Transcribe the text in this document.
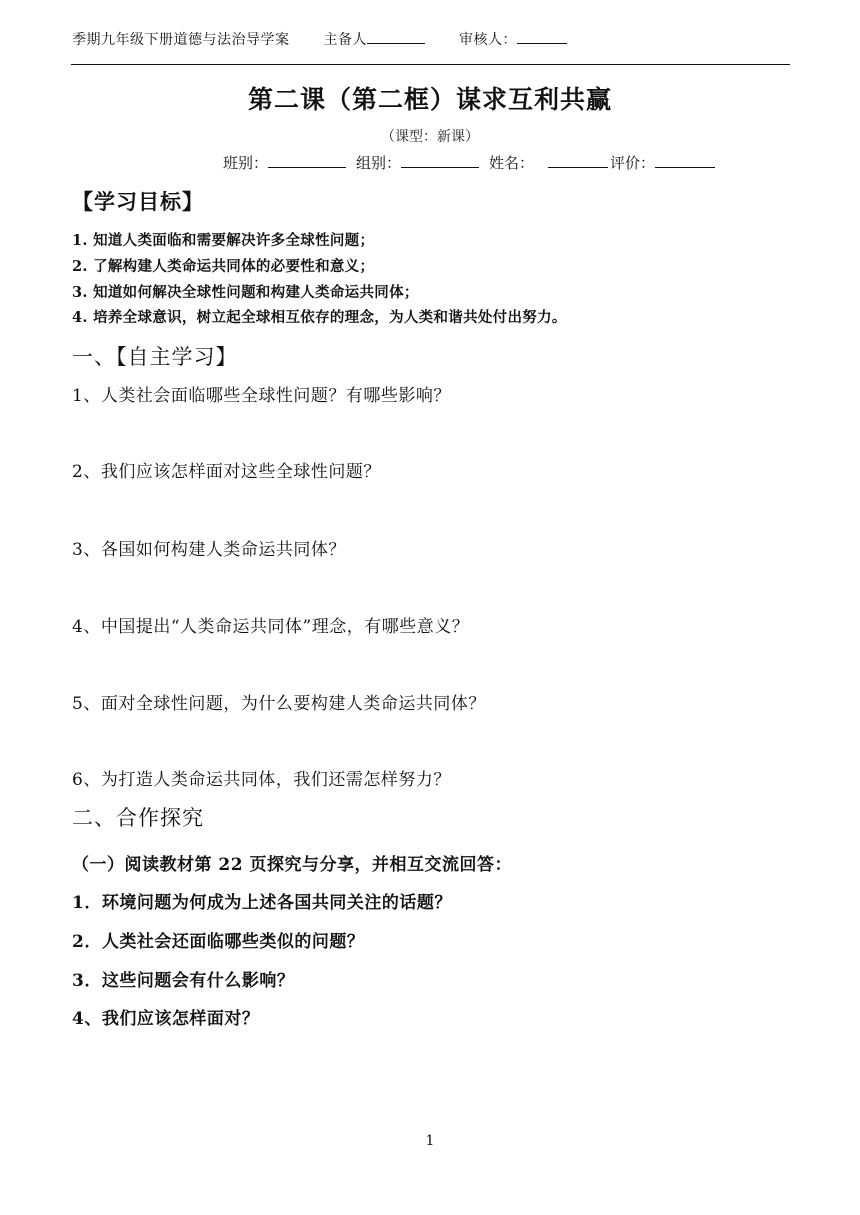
季期九年级下册道德与法治导学案 主备人	审核人：
第二课（第二框）谋求互利共赢
（课型：新课）
班别：	组别：	姓名：	评价：
【学习目标】
1. 知道人类面临和需要解决许多全球性问题；
2. 了解构建人类命运共同体的必要性和意义；
3. 知道如何解决全球性问题和构建人类命运共同体；
4. 培养全球意识，树立起全球相互依存的理念，为人类和谐共处付出努力。
一、【自主学习】
1、人类社会面临哪些全球性问题？有哪些影响？
2、我们应该怎样面对这些全球性问题？
3、各国如何构建人类命运共同体？
4、中国提出“人类命运共同体”理念，有哪些意义？
5、面对全球性问题，为什么要构建人类命运共同体？
6、为打造人类命运共同体，我们还需怎样努力？
二、合作探究
（一）阅读教材第 22 页探究与分享，并相互交流回答：
1．环境问题为何成为上述各国共同关注的话题？
2．人类社会还面临哪些类似的问题？
3．这些问题会有什么影响？
4、我们应该怎样面对？
1
